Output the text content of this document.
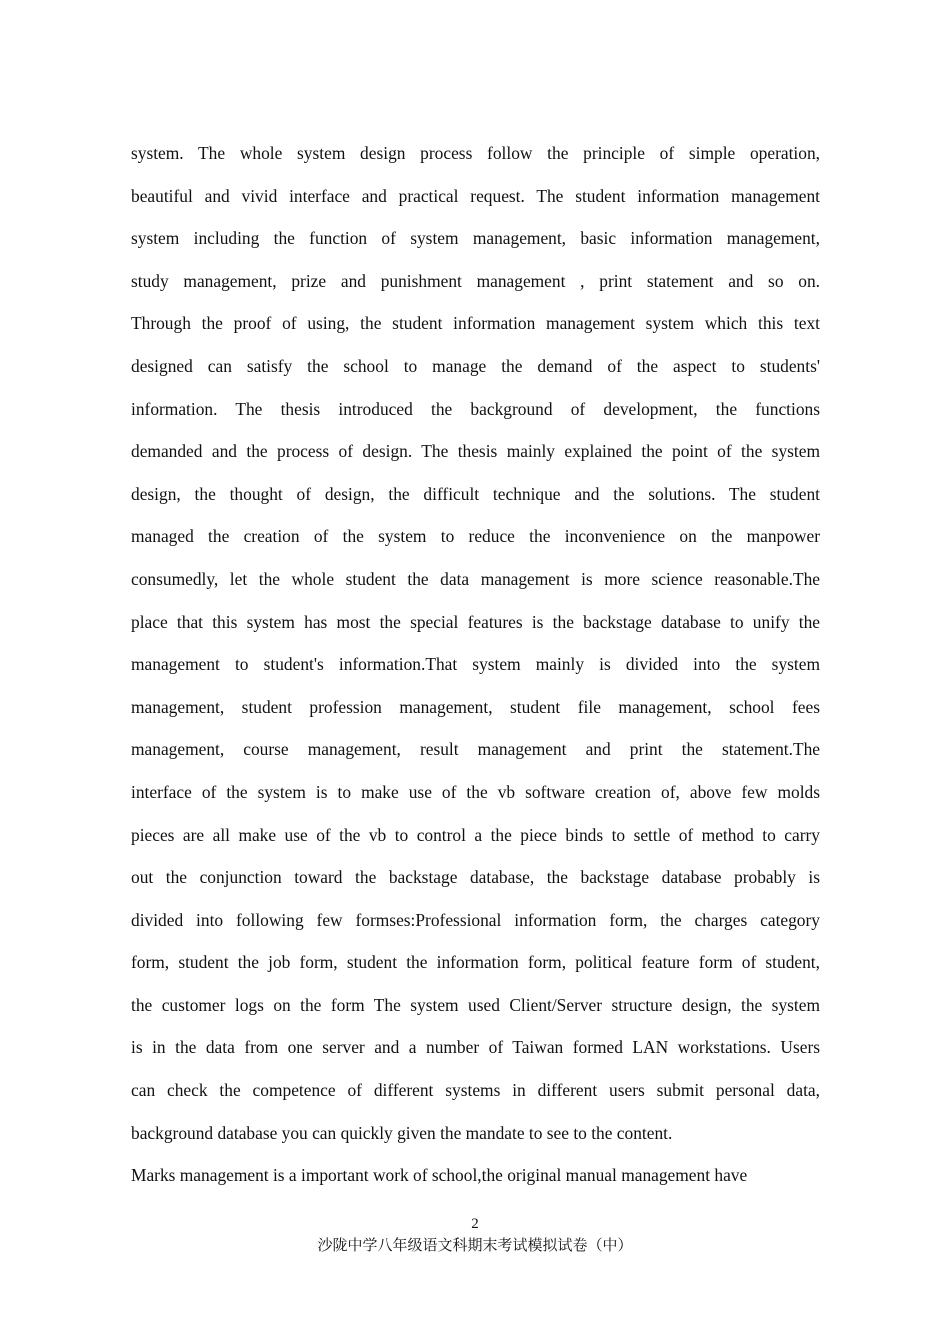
system. The whole system design process follow the principle of simple operation,
beautiful and vivid interface and practical request. The student information management
system including the function of system management, basic information management,
study management, prize and punishment management , print statement and so on.
Through the proof of using, the student information management system which this text
designed can satisfy the school to manage the demand of the aspect to students'
information. The thesis introduced the background of development, the functions
demanded and the process of design. The thesis mainly explained the point of the system
design, the thought of design, the difficult technique and the solutions. The student
managed the creation of the system to reduce the inconvenience on the manpower
consumedly, let the whole student the data management is more science reasonable.The
place that this system has most the special features is the backstage database to unify the
management to student's information.That system mainly is divided into the system
management, student profession management, student file management, school fees
management, course management, result management and print the statement.The
interface of the system is to make use of the vb software creation of, above few molds
pieces are all make use of the vb to control a the piece binds to settle of method to carry
out the conjunction toward the backstage database, the backstage database probably is
divided into following few formses:Professional information form, the charges category
form, student the job form, student the information form, political feature form of student,
the customer logs on the form The system used Client/Server structure design, the system
is in the data from one server and a number of Taiwan formed LAN workstations. Users
can check the competence of different systems in different users submit personal data,
background database you can quickly given the mandate to see to the content.
Marks management is a important work of school,the original manual management have
2
沙陇中学八年级语文科期末考试模拟试卷（中）
